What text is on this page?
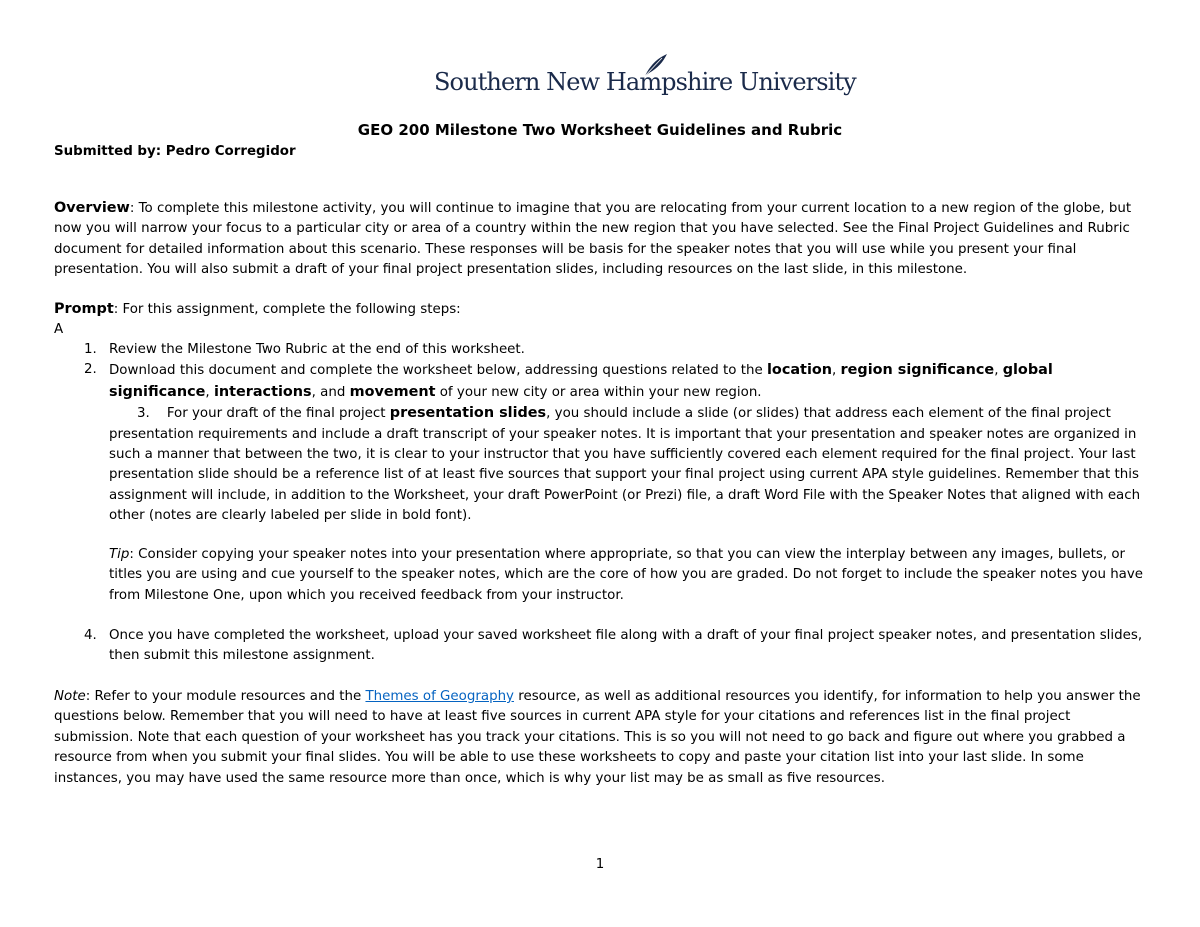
Southern New Hampshire University
GEO 200 Milestone Two Worksheet Guidelines and Rubric
Submitted by: Pedro Corregidor

Overview: To complete this milestone activity, you will continue to imagine that you are relocating from your current location to a new region of the globe, but now you will narrow your focus to a particular city or area of a country within the new region that you have selected. See the Final Project Guidelines and Rubric document for detailed information about this scenario. These responses will be basis for the speaker notes that you will use while you present your final presentation. You will also submit a draft of your final project presentation slides, including resources on the last slide, in this milestone.

Prompt: For this assignment, complete the following steps:

A

1. Review the Milestone Two Rubric at the end of this worksheet.
2. Download this document and complete the worksheet below, addressing questions related to the location, region significance, global significance, interactions, and movement of your new city or area within your new region.
3. For your draft of the final project presentation slides, you should include a slide (or slides) that address each element of the final project presentation requirements and include a draft transcript of your speaker notes. It is important that your presentation and speaker notes are organized in such a manner that between the two, it is clear to your instructor that you have sufficiently covered each element required for the final project. Your last presentation slide should be a reference list of at least five sources that support your final project using current APA style guidelines. Remember that this assignment will include, in addition to the Worksheet, your draft PowerPoint (or Prezi) file, a draft Word File with the Speaker Notes that aligned with each other (notes are clearly labeled per slide in bold font).

Tip: Consider copying your speaker notes into your presentation where appropriate, so that you can view the interplay between any images, bullets, or titles you are using and cue yourself to the speaker notes, which are the core of how you are graded. Do not forget to include the speaker notes you have from Milestone One, upon which you received feedback from your instructor.

4. Once you have completed the worksheet, upload your saved worksheet file along with a draft of your final project speaker notes, and presentation slides, then submit this milestone assignment.

Note: Refer to your module resources and the Themes of Geography resource, as well as additional resources you identify, for information to help you answer the questions below. Remember that you will need to have at least five sources in current APA style for your citations and references list in the final project submission. Note that each question of your worksheet has you track your citations. This is so you will not need to go back and figure out where you grabbed a resource from when you submit your final slides. You will be able to use these worksheets to copy and paste your citation list into your last slide. In some instances, you may have used the same resource more than once, which is why your list may be as small as five resources.

1
